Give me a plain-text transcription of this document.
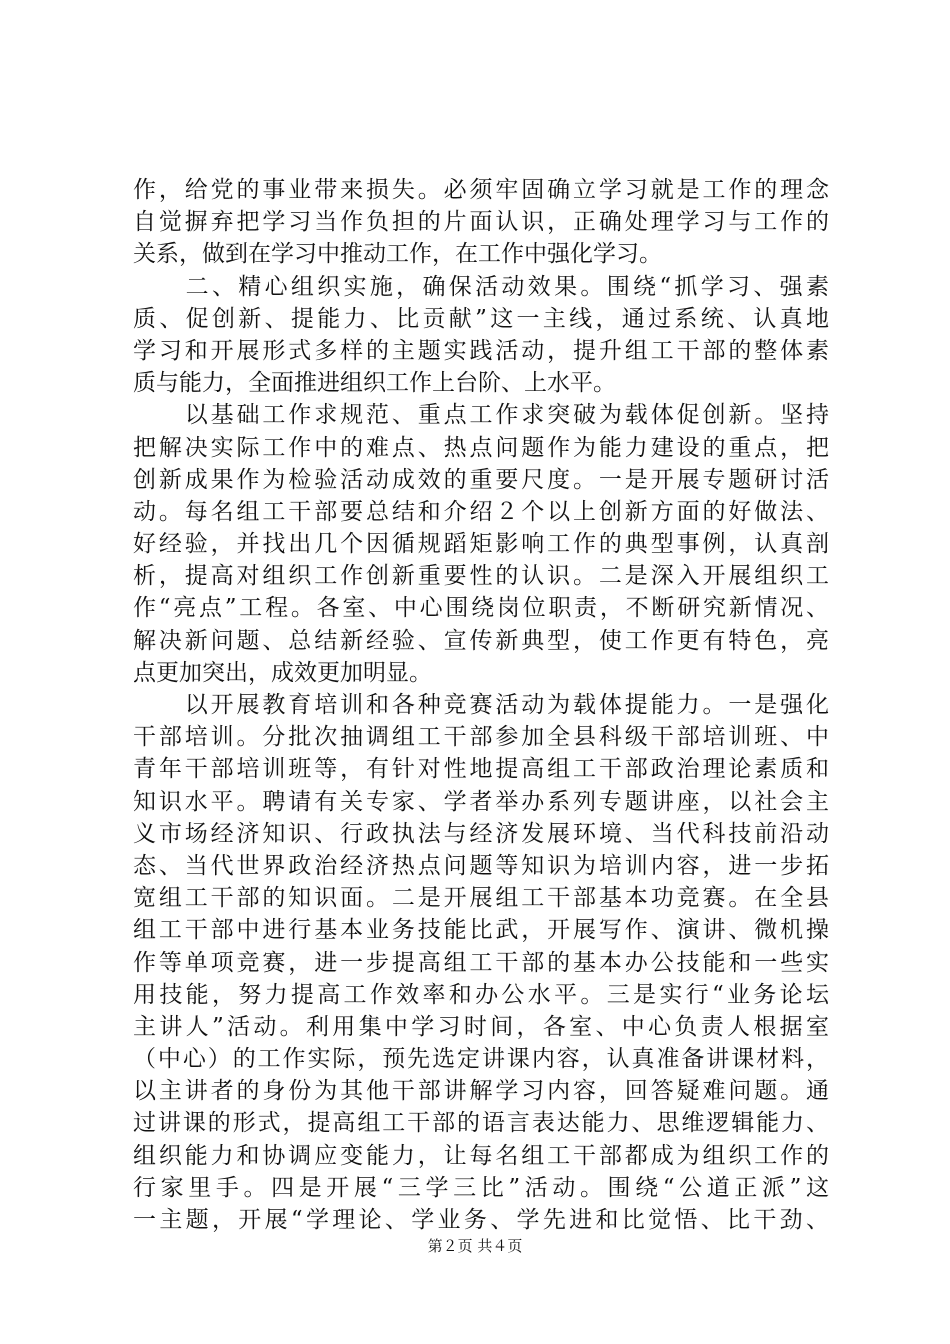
作，给党的事业带来损失。必须牢固确立学习就是工作的理念
自觉摒弃把学习当作负担的片面认识，正确处理学习与工作的
关系，做到在学习中推动工作，在工作中强化学习。
　　二、精心组织实施，确保活动效果。围绕“抓学习、强素
质、促创新、提能力、比贡献”这一主线，通过系统、认真地
学习和开展形式多样的主题实践活动，提升组工干部的整体素
质与能力，全面推进组织工作上台阶、上水平。
　　以基础工作求规范、重点工作求突破为载体促创新。坚持
把解决实际工作中的难点、热点问题作为能力建设的重点，把
创新成果作为检验活动成效的重要尺度。一是开展专题研讨活
动。每名组工干部要总结和介绍２个以上创新方面的好做法、
好经验，并找出几个因循规蹈矩影响工作的典型事例，认真剖
析，提高对组织工作创新重要性的认识。二是深入开展组织工
作“亮点”工程。各室、中心围绕岗位职责，不断研究新情况、
解决新问题、总结新经验、宣传新典型，使工作更有特色，亮
点更加突出，成效更加明显。
　　以开展教育培训和各种竞赛活动为载体提能力。一是强化
干部培训。分批次抽调组工干部参加全县科级干部培训班、中
青年干部培训班等，有针对性地提高组工干部政治理论素质和
知识水平。聘请有关专家、学者举办系列专题讲座，以社会主
义市场经济知识、行政执法与经济发展环境、当代科技前沿动
态、当代世界政治经济热点问题等知识为培训内容，进一步拓
宽组工干部的知识面。二是开展组工干部基本功竞赛。在全县
组工干部中进行基本业务技能比武，开展写作、演讲、微机操
作等单项竞赛，进一步提高组工干部的基本办公技能和一些实
用技能，努力提高工作效率和办公水平。三是实行“业务论坛
主讲人”活动。利用集中学习时间，各室、中心负责人根据室
（中心）的工作实际，预先选定讲课内容，认真准备讲课材料，
以主讲者的身份为其他干部讲解学习内容，回答疑难问题。通
过讲课的形式，提高组工干部的语言表达能力、思维逻辑能力、
组织能力和协调应变能力，让每名组工干部都成为组织工作的
行家里手。四是开展“三学三比”活动。围绕“公道正派”这
一主题，开展“学理论、学业务、学先进和比觉悟、比干劲、
第２页 共４页
